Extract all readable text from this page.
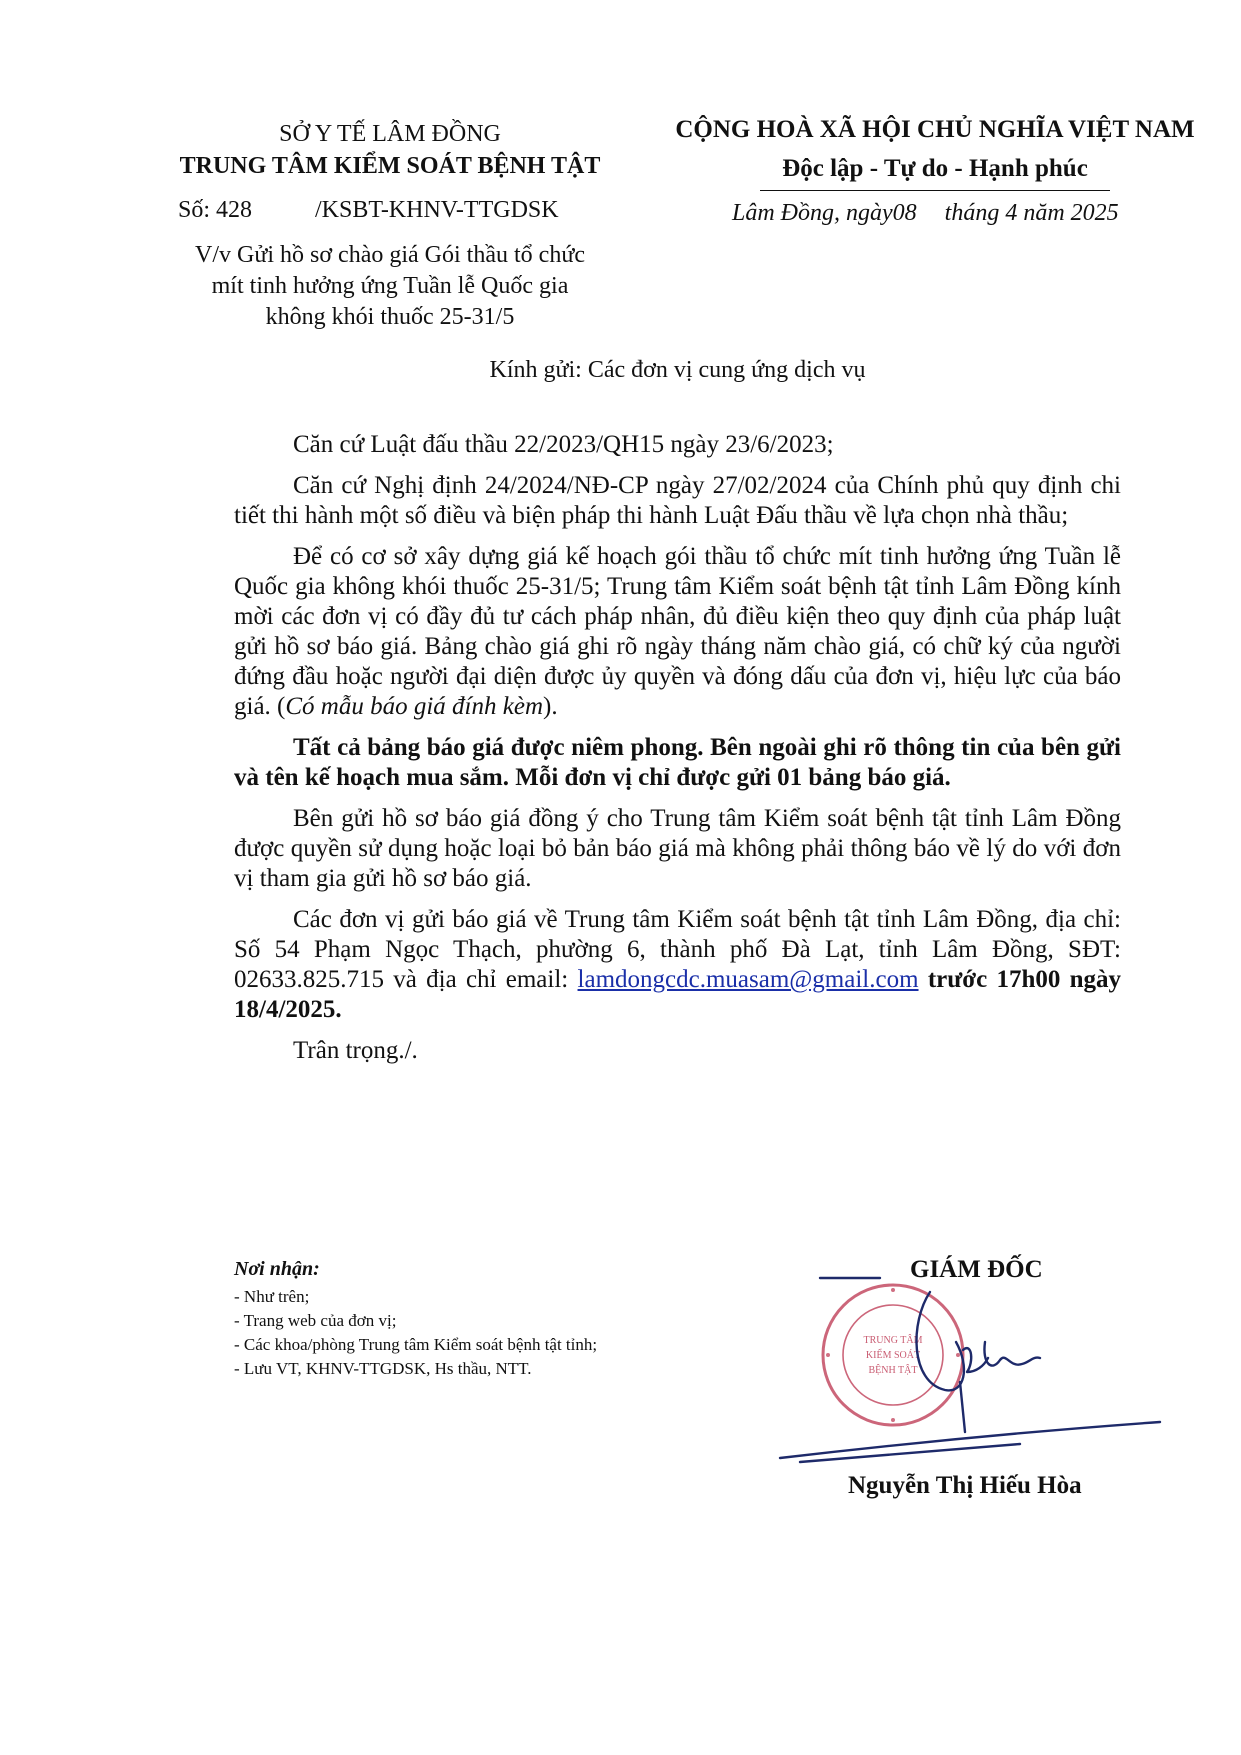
SỞ Y TẾ LÂM ĐỒNG
TRUNG TÂM KIỂM SOÁT BỆNH TẬT
Số: 428	/KSBT-KHNV-TTGDSK
V/v Gửi hồ sơ chào giá Gói thầu tổ chức
mít tinh hưởng ứng Tuần lễ Quốc gia
không khói thuốc 25-31/5
CỘNG HOÀ XÃ HỘI CHỦ NGHĨA VIỆT NAM
Độc lập - Tự do - Hạnh phúc
Lâm Đồng, ngày08 tháng 4 năm 2025
Kính gửi: Các đơn vị cung ứng dịch vụ

Căn cứ Luật đấu thầu 22/2023/QH15 ngày 23/6/2023;

Căn cứ Nghị định 24/2024/NĐ-CP ngày 27/02/2024 của Chính phủ quy định chi tiết thi hành một số điều và biện pháp thi hành Luật Đấu thầu về lựa chọn nhà thầu;

Để có cơ sở xây dựng giá kế hoạch gói thầu tổ chức mít tinh hưởng ứng Tuần lễ Quốc gia không khói thuốc 25-31/5; Trung tâm Kiểm soát bệnh tật tỉnh Lâm Đồng kính mời các đơn vị có đầy đủ tư cách pháp nhân, đủ điều kiện theo quy định của pháp luật gửi hồ sơ báo giá. Bảng chào giá ghi rõ ngày tháng năm chào giá, có chữ ký của người đứng đầu hoặc người đại diện được ủy quyền và đóng dấu của đơn vị, hiệu lực của báo giá. (Có mẫu báo giá đính kèm).

Tất cả bảng báo giá được niêm phong. Bên ngoài ghi rõ thông tin của bên gửi và tên kế hoạch mua sắm. Mỗi đơn vị chỉ được gửi 01 bảng báo giá.

Bên gửi hồ sơ báo giá đồng ý cho Trung tâm Kiểm soát bệnh tật tỉnh Lâm Đồng được quyền sử dụng hoặc loại bỏ bản báo giá mà không phải thông báo về lý do với đơn vị tham gia gửi hồ sơ báo giá.

Các đơn vị gửi báo giá về Trung tâm Kiểm soát bệnh tật tỉnh Lâm Đồng, địa chỉ: Số 54 Phạm Ngọc Thạch, phường 6, thành phố Đà Lạt, tỉnh Lâm Đồng, SĐT: 02633.825.715 và địa chỉ email: lamdongcdc.muasam@gmail.com trước 17h00 ngày 18/4/2025.

Trân trọng./.

Nơi nhận:
- Như trên;
- Trang web của đơn vị;
- Các khoa/phòng Trung tâm Kiểm soát bệnh tật tỉnh;
- Lưu VT, KHNV-TTGDSK, Hs thầu, NTT.
GIÁM ĐỐC
TRUNG TÂM
KIỂM SOÁT
BỆNH TẬT
Nguyễn Thị Hiếu Hòa
